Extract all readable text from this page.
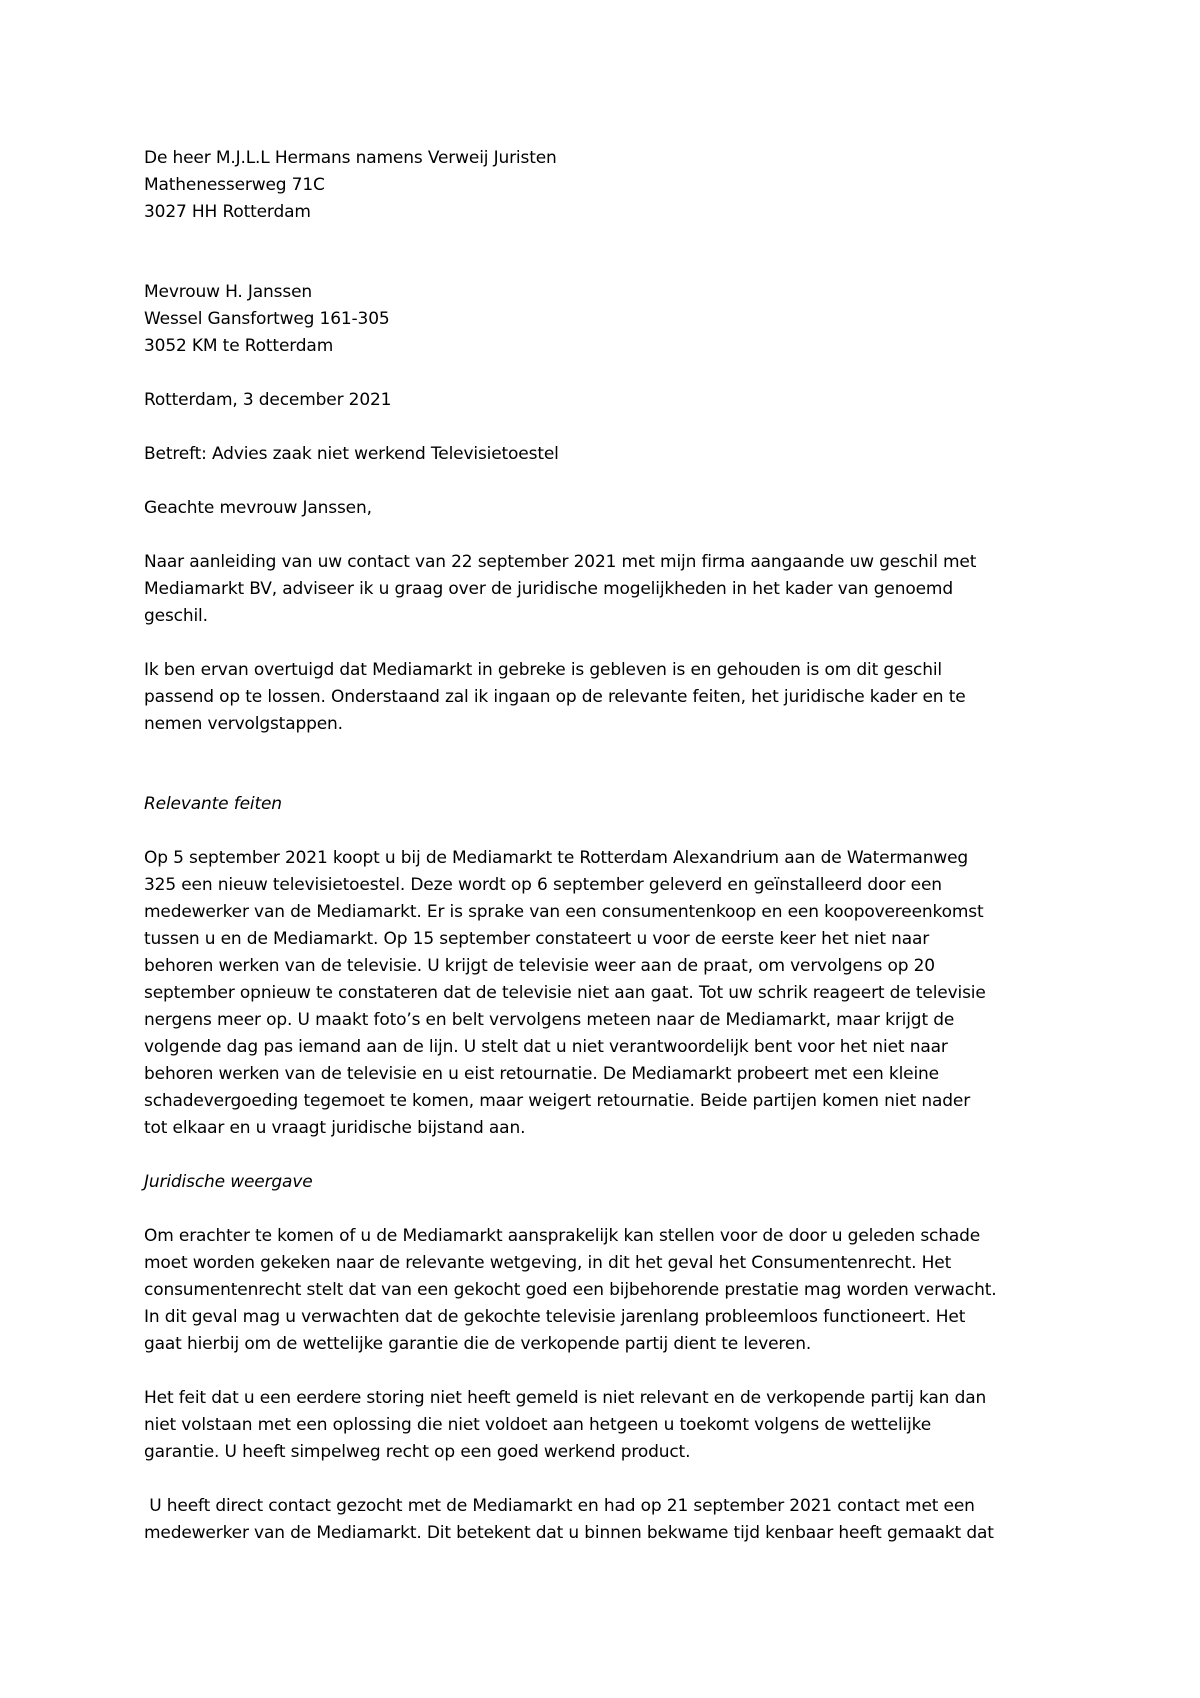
De heer M.J.L.L Hermans namens Verweij Juristen
Mathenesserweg 71C
3027 HH Rotterdam
Mevrouw H. Janssen
Wessel Gansfortweg 161-305
3052 KM te Rotterdam
Rotterdam, 3 december 2021
Betreft: Advies zaak niet werkend Televisietoestel
Geachte mevrouw Janssen,
Naar aanleiding van uw contact van 22 september 2021 met mijn firma aangaande uw geschil met
Mediamarkt BV, adviseer ik u graag over de juridische mogelijkheden in het kader van genoemd
geschil.
Ik ben ervan overtuigd dat Mediamarkt in gebreke is gebleven is en gehouden is om dit geschil
passend op te lossen. Onderstaand zal ik ingaan op de relevante feiten, het juridische kader en te
nemen vervolgstappen.
Relevante feiten
Op 5 september 2021 koopt u bij de Mediamarkt te Rotterdam Alexandrium aan de Watermanweg
325 een nieuw televisietoestel. Deze wordt op 6 september geleverd en geïnstalleerd door een
medewerker van de Mediamarkt. Er is sprake van een consumentenkoop en een koopovereenkomst
tussen u en de Mediamarkt. Op 15 september constateert u voor de eerste keer het niet naar
behoren werken van de televisie. U krijgt de televisie weer aan de praat, om vervolgens op 20
september opnieuw te constateren dat de televisie niet aan gaat. Tot uw schrik reageert de televisie
nergens meer op. U maakt foto’s en belt vervolgens meteen naar de Mediamarkt, maar krijgt de
volgende dag pas iemand aan de lijn. U stelt dat u niet verantwoordelijk bent voor het niet naar
behoren werken van de televisie en u eist retournatie. De Mediamarkt probeert met een kleine
schadevergoeding tegemoet te komen, maar weigert retournatie. Beide partijen komen niet nader
tot elkaar en u vraagt juridische bijstand aan.
Juridische weergave
Om erachter te komen of u de Mediamarkt aansprakelijk kan stellen voor de door u geleden schade
moet worden gekeken naar de relevante wetgeving, in dit het geval het Consumentenrecht. Het
consumentenrecht stelt dat van een gekocht goed een bijbehorende prestatie mag worden verwacht.
In dit geval mag u verwachten dat de gekochte televisie jarenlang probleemloos functioneert. Het
gaat hierbij om de wettelijke garantie die de verkopende partij dient te leveren.
Het feit dat u een eerdere storing niet heeft gemeld is niet relevant en de verkopende partij kan dan
niet volstaan met een oplossing die niet voldoet aan hetgeen u toekomt volgens de wettelijke
garantie. U heeft simpelweg recht op een goed werkend product.
U heeft direct contact gezocht met de Mediamarkt en had op 21 september 2021 contact met een
medewerker van de Mediamarkt. Dit betekent dat u binnen bekwame tijd kenbaar heeft gemaakt dat
